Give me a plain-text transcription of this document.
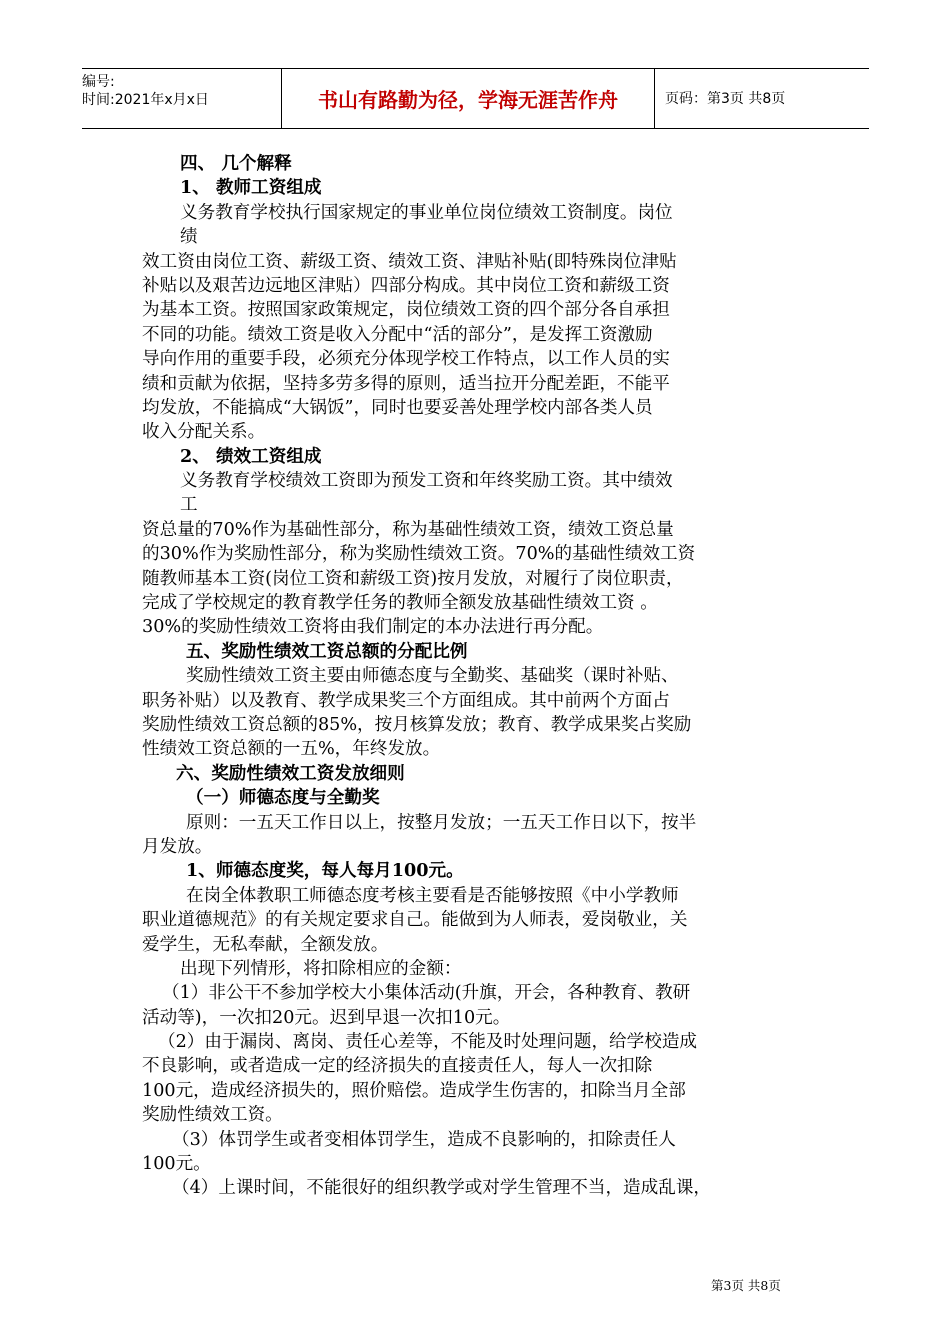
编号:
时间:2021年x月x日	书山有路勤为径，学海无涯苦作舟	页码：第3页 共8页
四、 几个解释
1、 教师工资组成
义务教育学校执行国家规定的事业单位岗位绩效工资制度。岗位
绩
效工资由岗位工资、薪级工资、绩效工资、津贴补贴(即特殊岗位津贴
补贴以及艰苦边远地区津贴）四部分构成。其中岗位工资和薪级工资
为基本工资。按照国家政策规定，岗位绩效工资的四个部分各自承担
不同的功能。绩效工资是收入分配中“活的部分”，是发挥工资激励
导向作用的重要手段，必须充分体现学校工作特点，以工作人员的实
绩和贡献为依据，坚持多劳多得的原则，适当拉开分配差距，不能平
均发放，不能搞成“大锅饭”，同时也要妥善处理学校内部各类人员
收入分配关系。
2、 绩效工资组成
义务教育学校绩效工资即为预发工资和年终奖励工资。其中绩效
工
资总量的70%作为基础性部分，称为基础性绩效工资，绩效工资总量
的30%作为奖励性部分，称为奖励性绩效工资。70%的基础性绩效工资
随教师基本工资(岗位工资和薪级工资)按月发放，对履行了岗位职责，
完成了学校规定的教育教学任务的教师全额发放基础性绩效工资 。
30%的奖励性绩效工资将由我们制定的本办法进行再分配。
五、奖励性绩效工资总额的分配比例
奖励性绩效工资主要由师德态度与全勤奖、基础奖（课时补贴、
职务补贴）以及教育、教学成果奖三个方面组成。其中前两个方面占
奖励性绩效工资总额的85%，按月核算发放；教育、教学成果奖占奖励
性绩效工资总额的一五%，年终发放。
六、奖励性绩效工资发放细则
（一）师德态度与全勤奖
原则：一五天工作日以上，按整月发放；一五天工作日以下，按半
月发放。
1、师德态度奖，每人每月100元。
在岗全体教职工师德态度考核主要看是否能够按照《中小学教师
职业道德规范》的有关规定要求自己。能做到为人师表，爱岗敬业，关
爱学生，无私奉献，全额发放。
出现下列情形，将扣除相应的金额：
（1）非公干不参加学校大小集体活动(升旗，开会，各种教育、教研
活动等)，一次扣20元。迟到早退一次扣10元。
（2）由于漏岗、离岗、责任心差等，不能及时处理问题，给学校造成
不良影响，或者造成一定的经济损失的直接责任人，每人一次扣除
100元，造成经济损失的，照价赔偿。造成学生伤害的，扣除当月全部
奖励性绩效工资。
（3）体罚学生或者变相体罚学生，造成不良影响的，扣除责任人
100元。
（4）上课时间，不能很好的组织教学或对学生管理不当，造成乱课，
第3页 共8页
